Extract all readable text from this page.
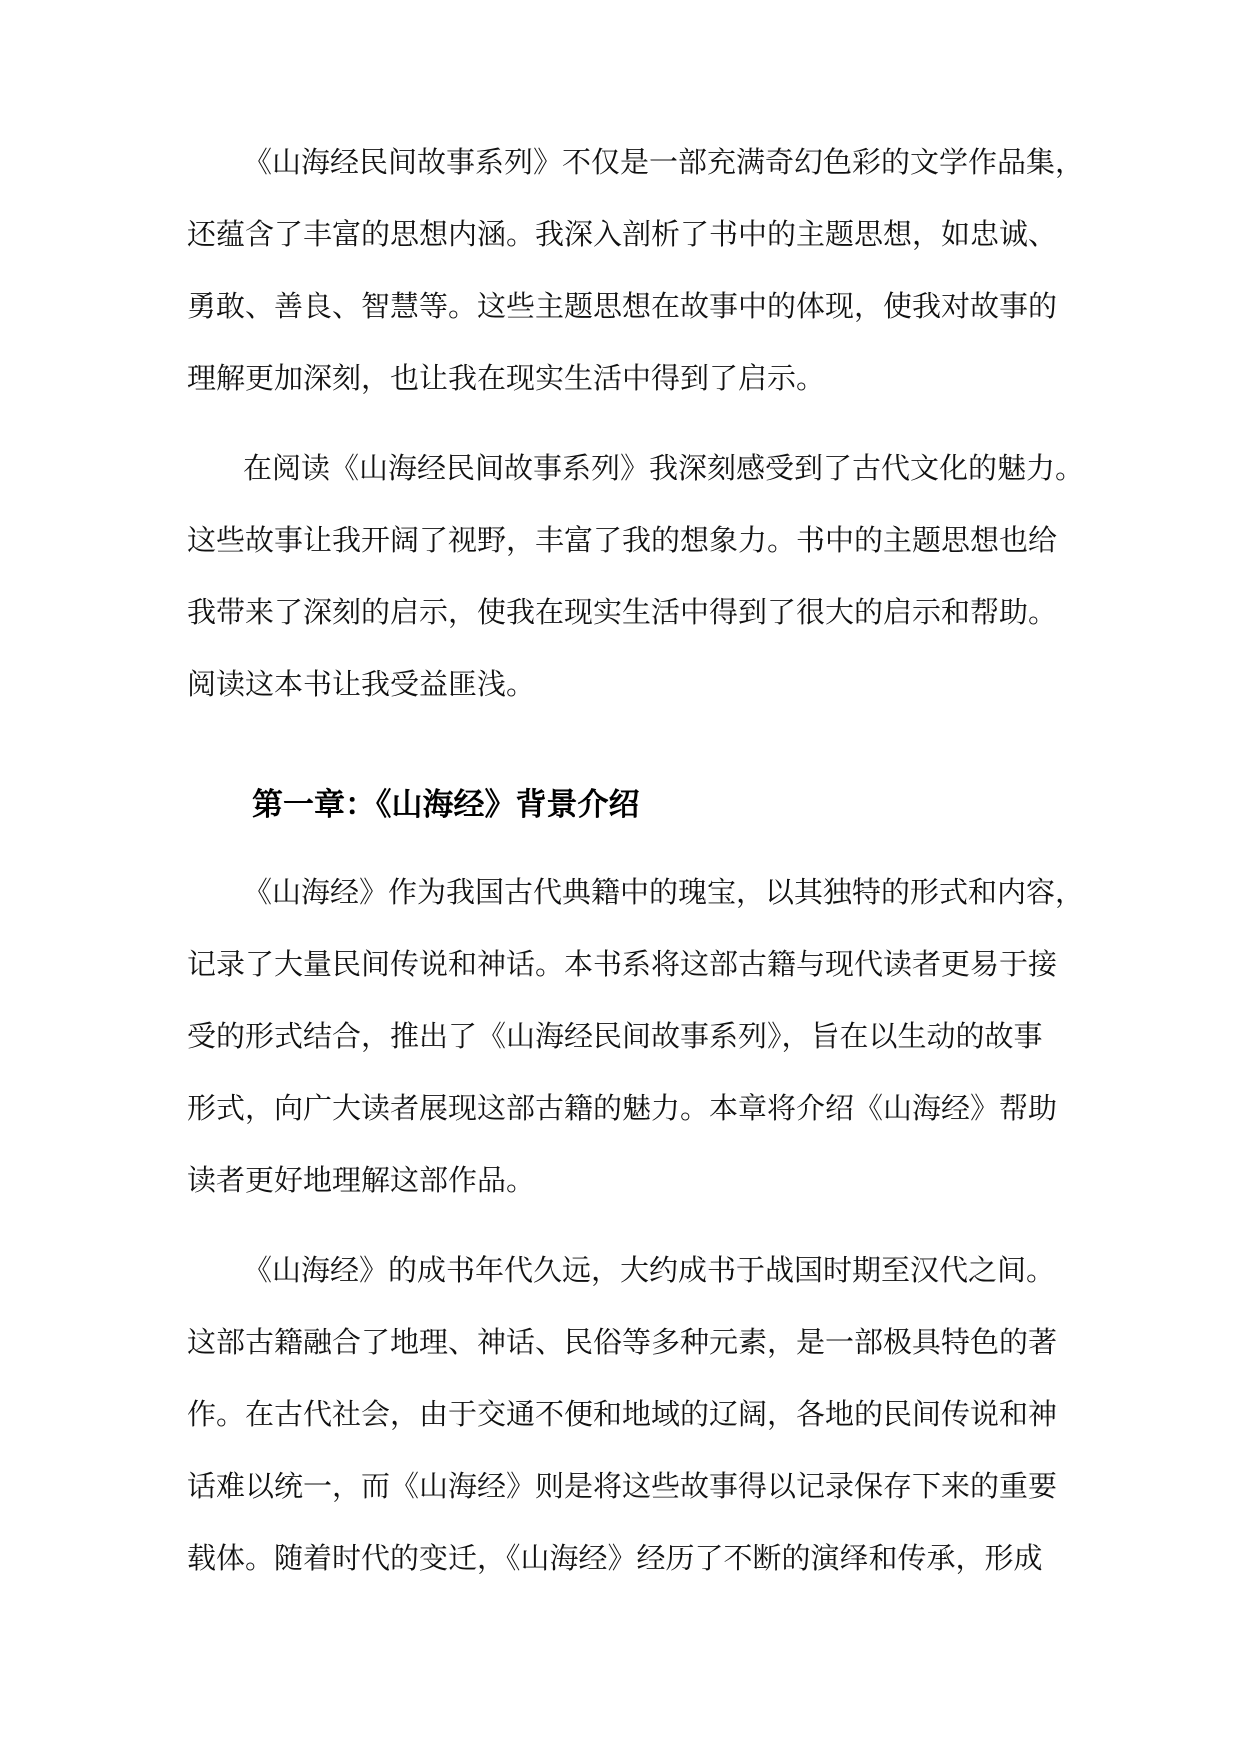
《山海经民间故事系列》不仅是一部充满奇幻色彩的文学作品集，

还蕴含了丰富的思想内涵。我深入剖析了书中的主题思想，如忠诚、

勇敢、善良、智慧等。这些主题思想在故事中的体现，使我对故事的

理解更加深刻，也让我在现实生活中得到了启示。

在阅读《山海经民间故事系列》我深刻感受到了古代文化的魅力。

这些故事让我开阔了视野，丰富了我的想象力。书中的主题思想也给

我带来了深刻的启示，使我在现实生活中得到了很大的启示和帮助。

阅读这本书让我受益匪浅。

第一章：《山海经》背景介绍

《山海经》作为我国古代典籍中的瑰宝，以其独特的形式和内容，

记录了大量民间传说和神话。本书系将这部古籍与现代读者更易于接

受的形式结合，推出了《山海经民间故事系列》，旨在以生动的故事

形式，向广大读者展现这部古籍的魅力。本章将介绍《山海经》帮助

读者更好地理解这部作品。

《山海经》的成书年代久远，大约成书于战国时期至汉代之间。

这部古籍融合了地理、神话、民俗等多种元素，是一部极具特色的著

作。在古代社会，由于交通不便和地域的辽阔，各地的民间传说和神

话难以统一，而《山海经》则是将这些故事得以记录保存下来的重要

载体。随着时代的变迁，《山海经》经历了不断的演绎和传承，形成
